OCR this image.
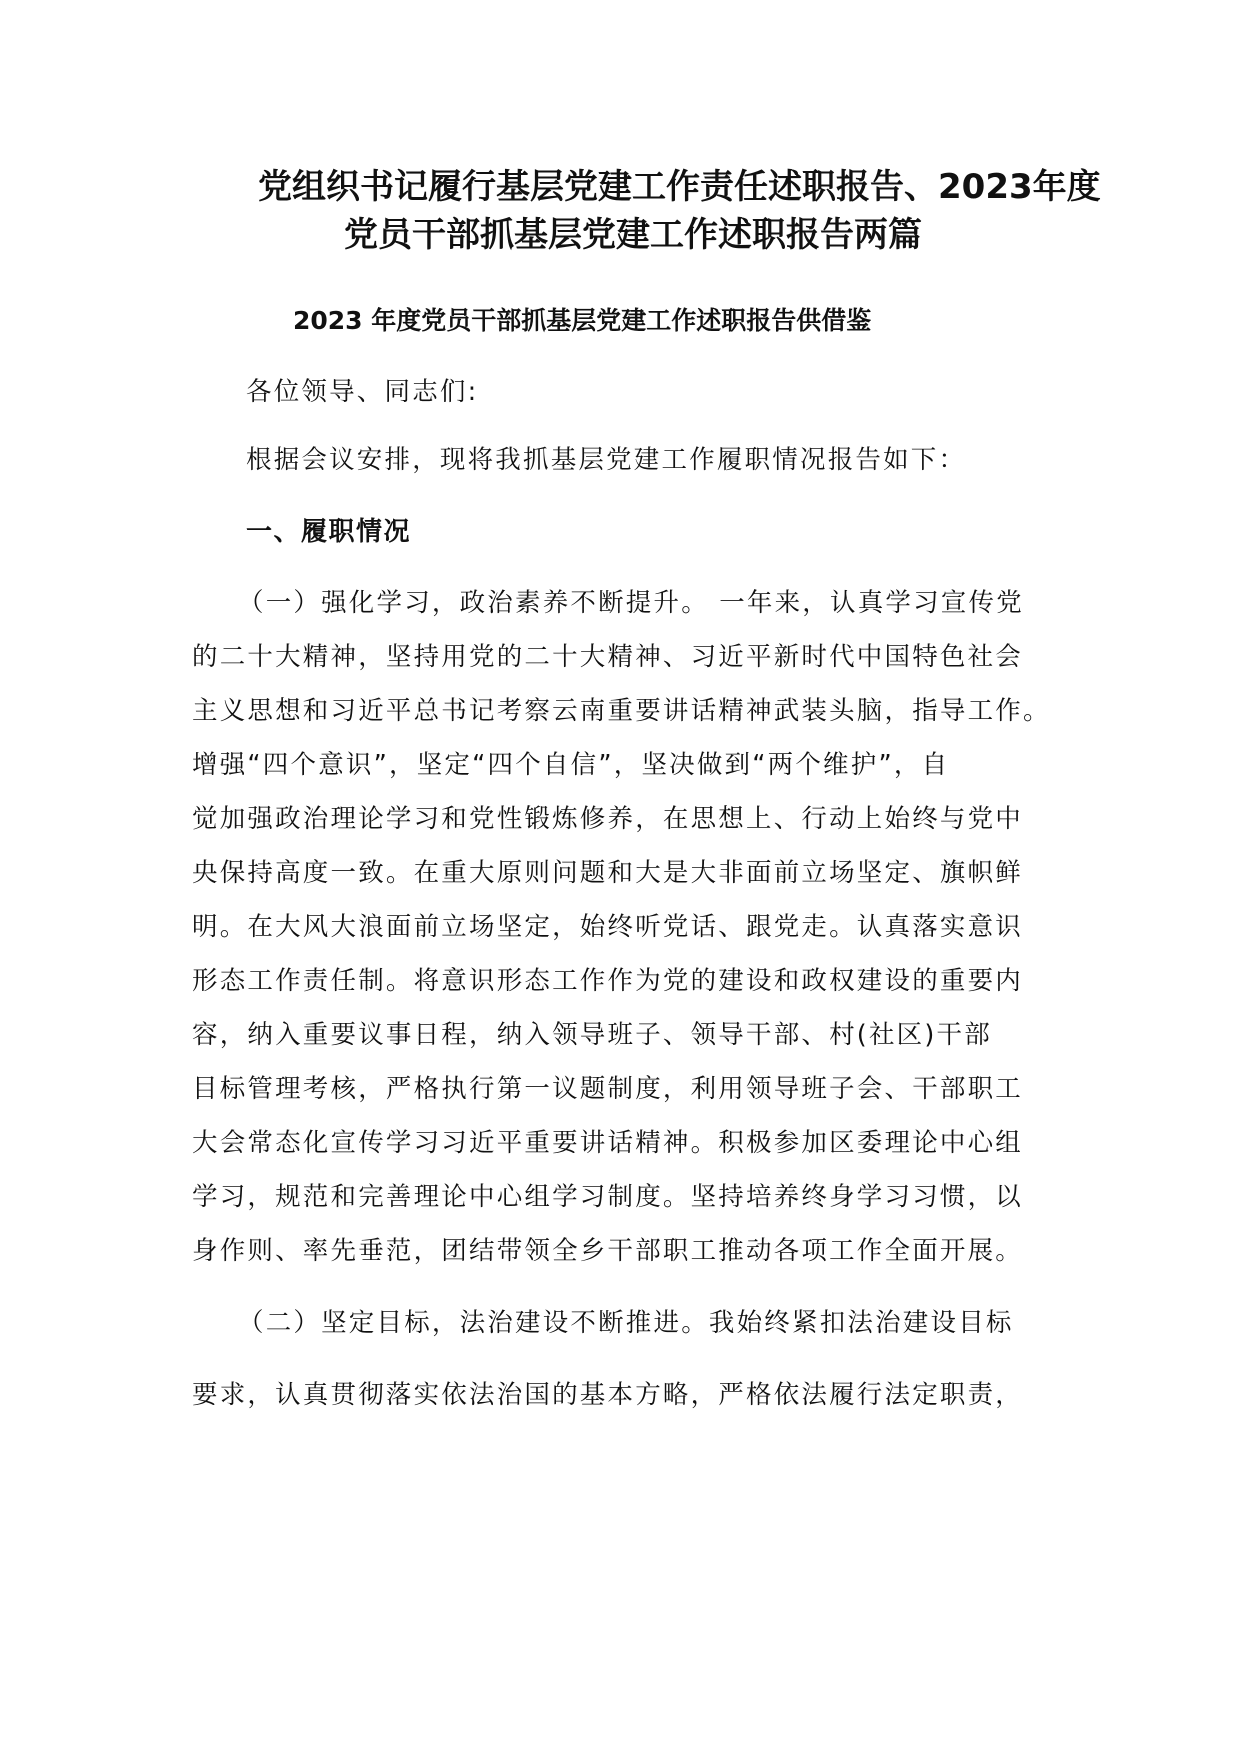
党组织书记履行基层党建工作责任述职报告、2023年度
党员干部抓基层党建工作述职报告两篇
2023 年度党员干部抓基层党建工作述职报告供借鉴
各位领导、同志们:
根据会议安排，现将我抓基层党建工作履职情况报告如下：
一、履职情况
（一）强化学习，政治素养不断提升。 一年来，认真学习宣传党
的二十大精神，坚持用党的二十大精神、习近平新时代中国特色社会
主义思想和习近平总书记考察云南重要讲话精神武装头脑，指导工作。
增强“四个意识”，坚定“四个自信”，坚决做到“两个维护”，自
觉加强政治理论学习和党性锻炼修养，在思想上、行动上始终与党中
央保持高度一致。在重大原则问题和大是大非面前立场坚定、旗帜鲜
明。在大风大浪面前立场坚定，始终听党话、跟党走。认真落实意识
形态工作责任制。将意识形态工作作为党的建设和政权建设的重要内
容，纳入重要议事日程，纳入领导班子、领导干部、村(社区)干部
目标管理考核，严格执行第一议题制度，利用领导班子会、干部职工
大会常态化宣传学习习近平重要讲话精神。积极参加区委理论中心组
学习，规范和完善理论中心组学习制度。坚持培养终身学习习惯，以
身作则、率先垂范，团结带领全乡干部职工推动各项工作全面开展。
（二）坚定目标，法治建设不断推进。我始终紧扣法治建设目标
要求，认真贯彻落实依法治国的基本方略，严格依法履行法定职责，
